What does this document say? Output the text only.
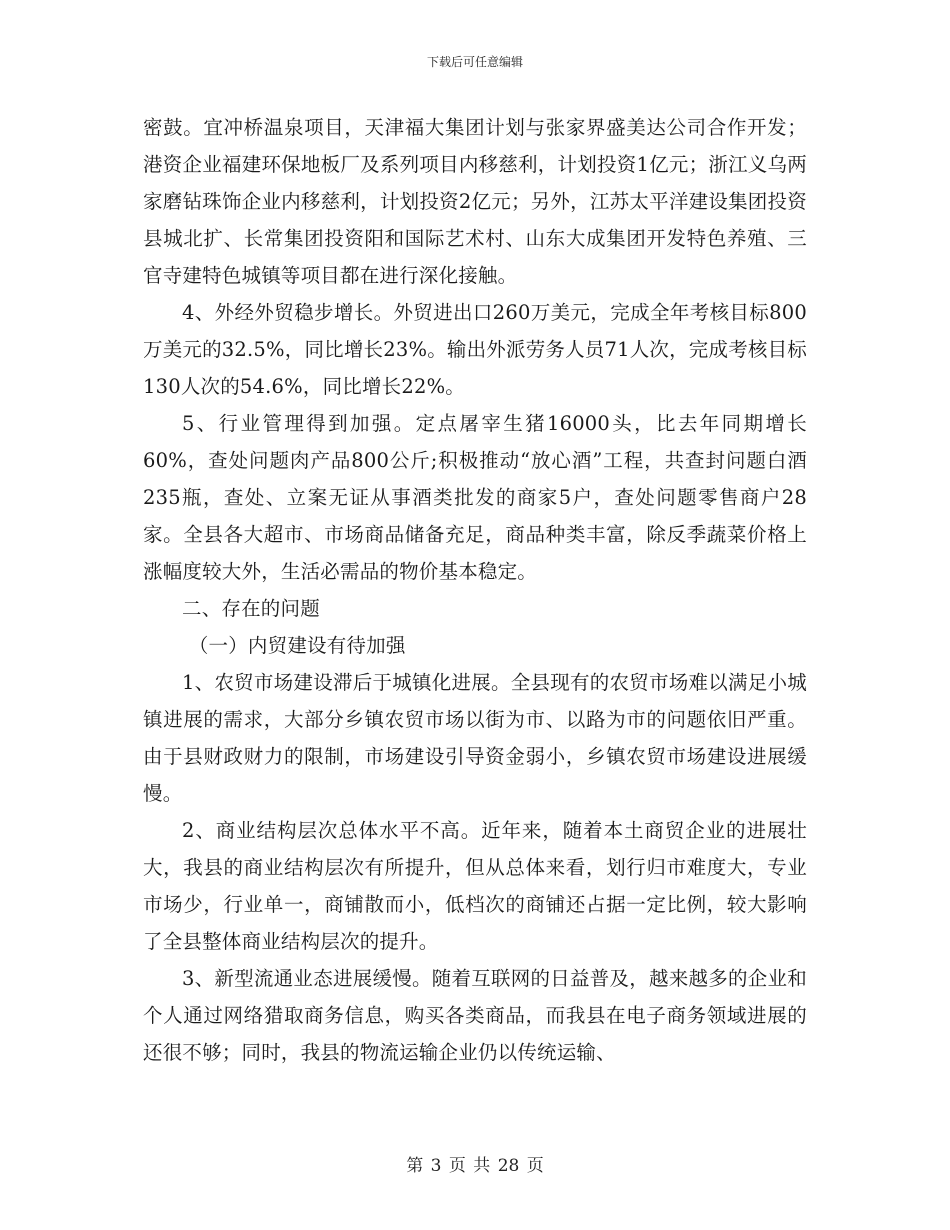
下载后可任意编辑

密鼓。宜冲桥温泉项目，天津福大集团计划与张家界盛美达公司合作开发；港资企业福建环保地板厂及系列项目内移慈利，计划投资1亿元；浙江义乌两家磨钻珠饰企业内移慈利，计划投资2亿元；另外，江苏太平洋建设集团投资县城北扩、长常集团投资阳和国际艺术村、山东大成集团开发特色养殖、三官寺建特色城镇等项目都在进行深化接触。

4、外经外贸稳步增长。外贸进出口260万美元，完成全年考核目标800万美元的32.5%，同比增长23%。输出外派劳务人员71人次，完成考核目标130人次的54.6%，同比增长22%。

5、行业管理得到加强。定点屠宰生猪16000头，比去年同期增长60%，查处问题肉产品800公斤;积极推动“放心酒”工程，共查封问题白酒235瓶，查处、立案无证从事酒类批发的商家5户，查处问题零售商户28家。全县各大超市、市场商品储备充足，商品种类丰富，除反季蔬菜价格上涨幅度较大外，生活必需品的物价基本稳定。

二、存在的问题

（一）内贸建设有待加强

1、农贸市场建设滞后于城镇化进展。全县现有的农贸市场难以满足小城镇进展的需求，大部分乡镇农贸市场以街为市、以路为市的问题依旧严重。由于县财政财力的限制，市场建设引导资金弱小，乡镇农贸市场建设进展缓慢。

2、商业结构层次总体水平不高。近年来，随着本土商贸企业的进展壮大，我县的商业结构层次有所提升，但从总体来看，划行归市难度大，专业市场少，行业单一，商铺散而小，低档次的商铺还占据一定比例，较大影响了全县整体商业结构层次的提升。

3、新型流通业态进展缓慢。随着互联网的日益普及，越来越多的企业和个人通过网络猎取商务信息，购买各类商品，而我县在电子商务领域进展的还很不够；同时，我县的物流运输企业仍以传统运输、

第 3 页 共 28 页
